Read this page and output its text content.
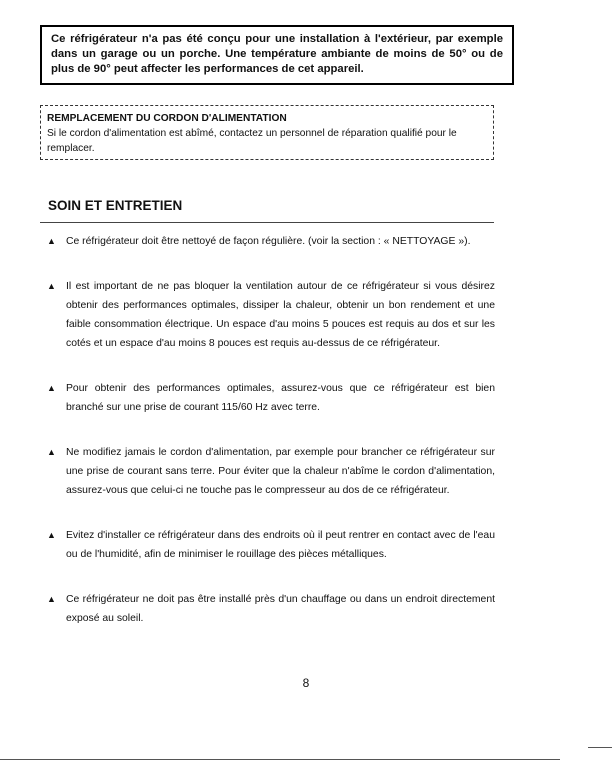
Ce réfrigérateur n'a pas été conçu pour une installation à l'extérieur, par exemple dans un garage ou un porche. Une température ambiante de moins de 50° ou de plus de 90° peut affecter les performances de cet appareil.
REMPLACEMENT DU CORDON D'ALIMENTATION
Si le cordon d'alimentation est abîmé, contactez un personnel de réparation qualifié pour le remplacer.
SOIN ET ENTRETIEN
▲ Ce réfrigérateur doit être nettoyé de façon régulière. (voir la section : « NETTOYAGE »).
▲ Il est important de ne pas bloquer la ventilation autour de ce réfrigérateur si vous désirez obtenir des performances optimales, dissiper la chaleur, obtenir un bon rendement et une faible consommation électrique. Un espace d'au moins 5 pouces est requis au dos et sur les cotés et un espace d'au moins 8 pouces est requis au-dessus de ce réfrigérateur.
▲ Pour obtenir des performances optimales, assurez-vous que ce réfrigérateur est bien branché sur une prise de courant 115/60 Hz avec terre.
▲ Ne modifiez jamais le cordon d'alimentation, par exemple pour brancher ce réfrigérateur sur une prise de courant sans terre. Pour éviter que la chaleur n'abîme le cordon d'alimentation, assurez-vous que celui-ci ne touche pas le compresseur au dos de ce réfrigérateur.
▲ Evitez d'installer ce réfrigérateur dans des endroits où il peut rentrer en contact avec de l'eau ou de l'humidité, afin de minimiser le rouillage des pièces métalliques.
▲ Ce réfrigérateur ne doit pas être installé près d'un chauffage ou dans un endroit directement exposé au soleil.
8
